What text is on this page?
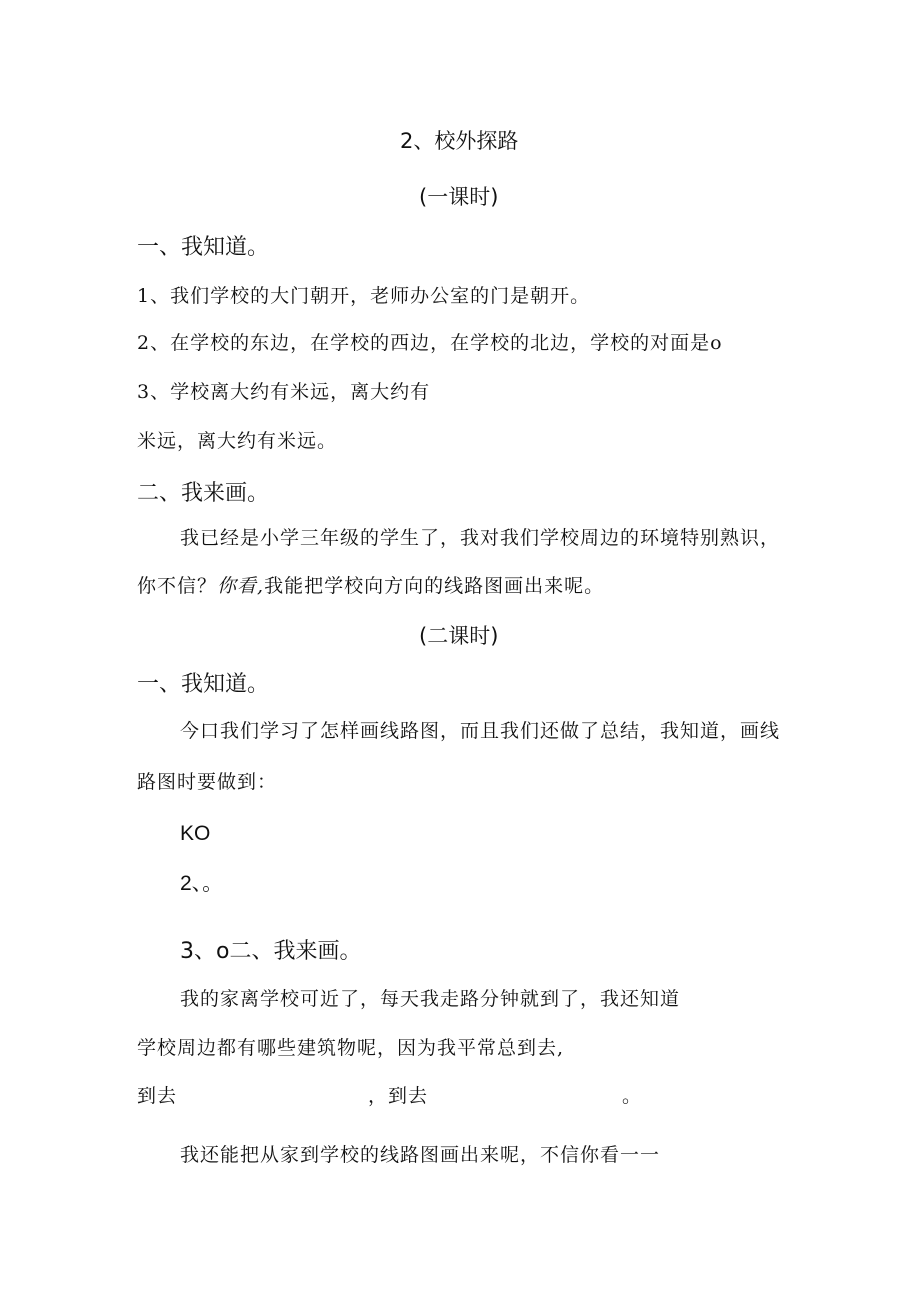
2、校外探路
(一课时)
一、我知道。
1、我们学校的大门朝开，老师办公室的门是朝开。
2、在学校的东边，在学校的西边，在学校的北边，学校的对面是o
3、学校离大约有米远，离大约有
米远，离大约有米远。
二、我来画。
我已经是小学三年级的学生了，我对我们学校周边的环境特别熟识，
你不信？你看,我能把学校向方向的线路图画出来呢。
(二课时)
一、我知道。
今口我们学习了怎样画线路图，而且我们还做了总结，我知道，画线
路图时要做到：
KO
2、。
3、o二、我来画。
我的家离学校可近了，每天我走路分钟就到了，我还知道
学校周边都有哪些建筑物呢，因为我平常总到去,
到去	，到去	。
我还能把从家到学校的线路图画出来呢，不信你看一一
